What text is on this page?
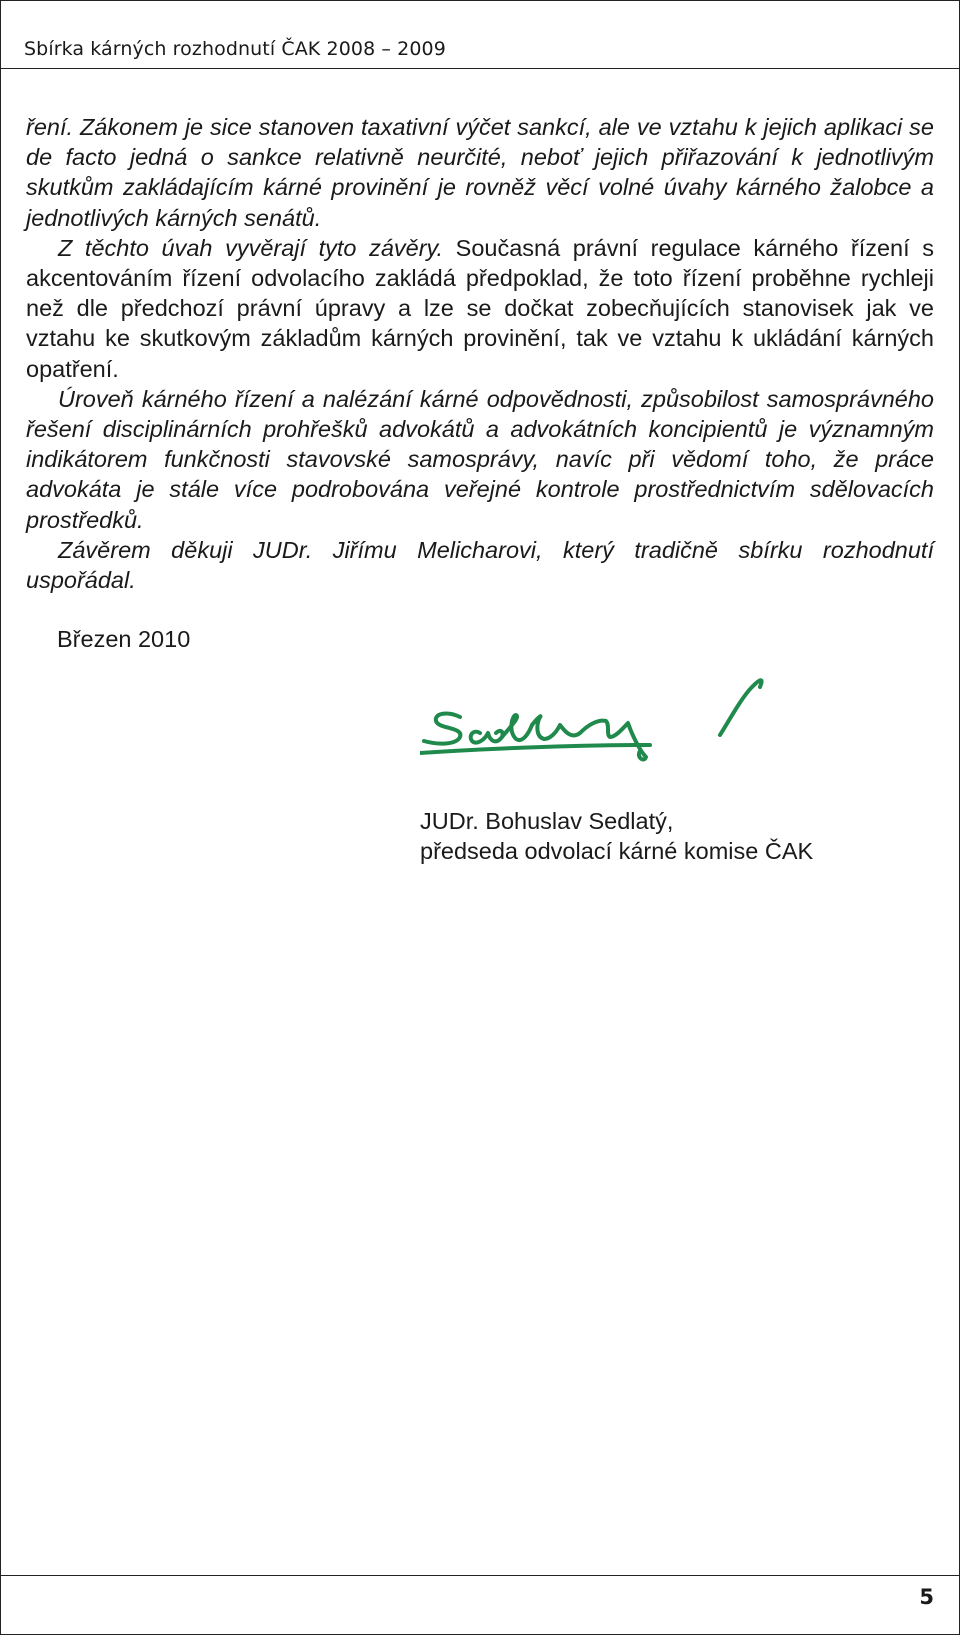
Sbírka kárných rozhodnutí ČAK 2008 – 2009

ření. Zákonem je sice stanoven taxativní výčet sankcí, ale ve vztahu k jejich aplikaci se de facto jedná o sankce relativně neurčité, neboť jejich přiřazování k jednotlivým skutkům zakládajícím kárné provinění je rovněž věcí volné úvahy kárného žalobce a jednotlivých kárných senátů.

Z těchto úvah vyvěrají tyto závěry. Současná právní regulace kárného řízení s akcentováním řízení odvolacího zakládá předpoklad, že toto řízení proběhne rychleji než dle předchozí právní úpravy a lze se dočkat zobecňujících stanovisek jak ve vztahu ke skutkovým základům kárných provinění, tak ve vztahu k ukládání kárných opatření.

Úroveň kárného řízení a nalézání kárné odpovědnosti, způsobilost samosprávného řešení disciplinárních prohřešků advokátů a advokátních koncipientů je významným indikátorem funkčnosti stavovské samosprávy, navíc při vědomí toho, že práce advokáta je stále více podrobována veřejné kontrole prostřednictvím sdělovacích prostředků.

Závěrem děkuji JUDr. Jiřímu Melicharovi, který tradičně sbírku rozhodnutí uspořádal.

Březen 2010
JUDr. Bohuslav Sedlatý,
předseda odvolací kárné komise ČAK
5
